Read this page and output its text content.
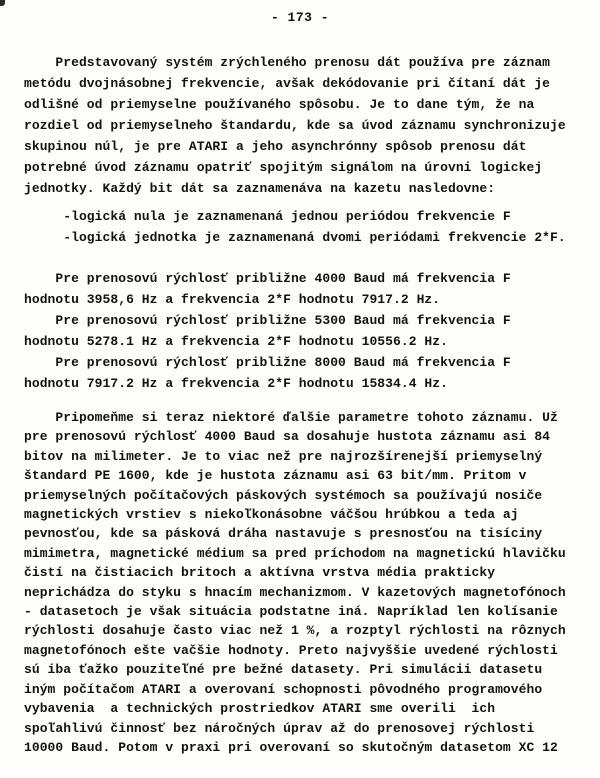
- 173 -
Predstavovaný systém zrýchleného prenosu dát používa pre záznam
metódu dvojnásobnej frekvencie, avšak dekódovanie pri čítaní dát je
odlišné od priemyselne používaného spôsobu. Je to dane tým, že na
rozdiel od priemyselneho štandardu, kde sa úvod záznamu synchronizuje
skupinou núl, je pre ATARI a jeho asynchrónny spôsob prenosu dát
potrebné úvod záznamu opatriť spojitým signálom na úrovni logickej
jednotky. Každý bit dát sa zaznamenáva na kazetu nasledovne:
-logická nula je zaznamenaná jednou periódou frekvencie F
-logická jednotka je zaznamenaná dvomi periódami frekvencie 2*F.
Pre prenosovú rýchlosť približne 4000 Baud má frekvencia F
hodnotu 3958,6 Hz a frekvencia 2*F hodnotu 7917.2 Hz.
Pre prenosovú rýchlosť približne 5300 Baud má frekvencia F
hodnotu 5278.1 Hz a frekvencia 2*F hodnotu 10556.2 Hz.
Pre prenosovú rýchlosť približne 8000 Baud má frekvencia F
hodnotu 7917.2 Hz a frekvencia 2*F hodnotu 15834.4 Hz.
Pripomeňme si teraz niektoré ďalšie parametre tohoto záznamu. Už
pre prenosovú rýchlosť 4000 Baud sa dosahuje hustota záznamu asi 84
bitov na milimeter. Je to viac než pre najrozšírenejší priemyselný
štandard PE 1600, kde je hustota záznamu asi 63 bit/mm. Pritom v
priemyselných počítačových páskových systémoch sa používajú nosiče
magnetických vrstiev s niekoľkonásobne váčšou hrúbkou a teda aj
pevnosťou, kde sa pásková dráha nastavuje s presnosťou na tisíciny
mimimetra, magnetické médium sa pred príchodom na magnetickú hlavičku
čistí na čistiacich britoch a aktívna vrstva média prakticky
neprichádza do styku s hnacím mechanizmom. V kazetových magnetofónoch
- datasetoch je však situácia podstatne iná. Napríklad len kolísanie
rýchlosti dosahuje často viac než 1 %, a rozptyl rýchlosti na rôznych
magnetofónoch ešte vačšie hodnoty. Preto najvyššie uvedené rýchlosti
sú iba ťažko pouziteľné pre bežné datasety. Pri simulácii datasetu
iným počítačom ATARI a overovaní schopnosti pôvodného programového
vybavenia  a technických prostriedkov ATARI sme overili  ich
spoľahlivú činnosť bez náročných úprav až do prenosovej rýchlosti
10000 Baud. Potom v praxi pri overovaní so skutočným datasetom XC 12
